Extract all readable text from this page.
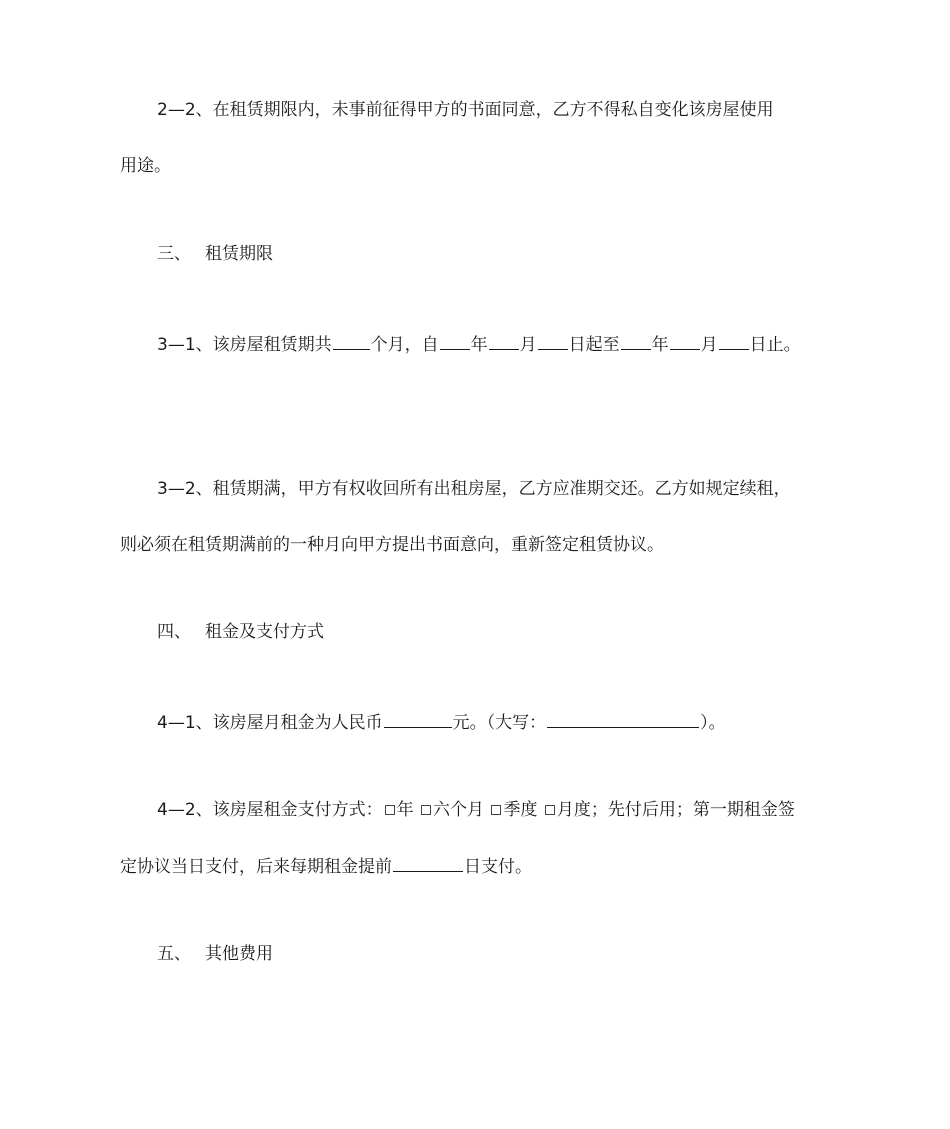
2—2、在租赁期限内，未事前征得甲方的书面同意，乙方不得私自变化该房屋使用
用途。
三、 租赁期限
3—1、该房屋租赁期共 个月，自 年 月 日起至 年 月 日止。
3—2、租赁期满，甲方有权收回所有出租房屋，乙方应准期交还。乙方如规定续租，
则必须在租赁期满前的一种月向甲方提出书面意向，重新签定租赁协议。
四、 租金及支付方式
4—1、该房屋月租金为人民币	元。（大写：	）。
4—2、该房屋租金支付方式： 年 六个月 季度 月度；先付后用；第一期租金签
定协议当日支付，后来每期租金提前	日支付。
五、 其他费用
